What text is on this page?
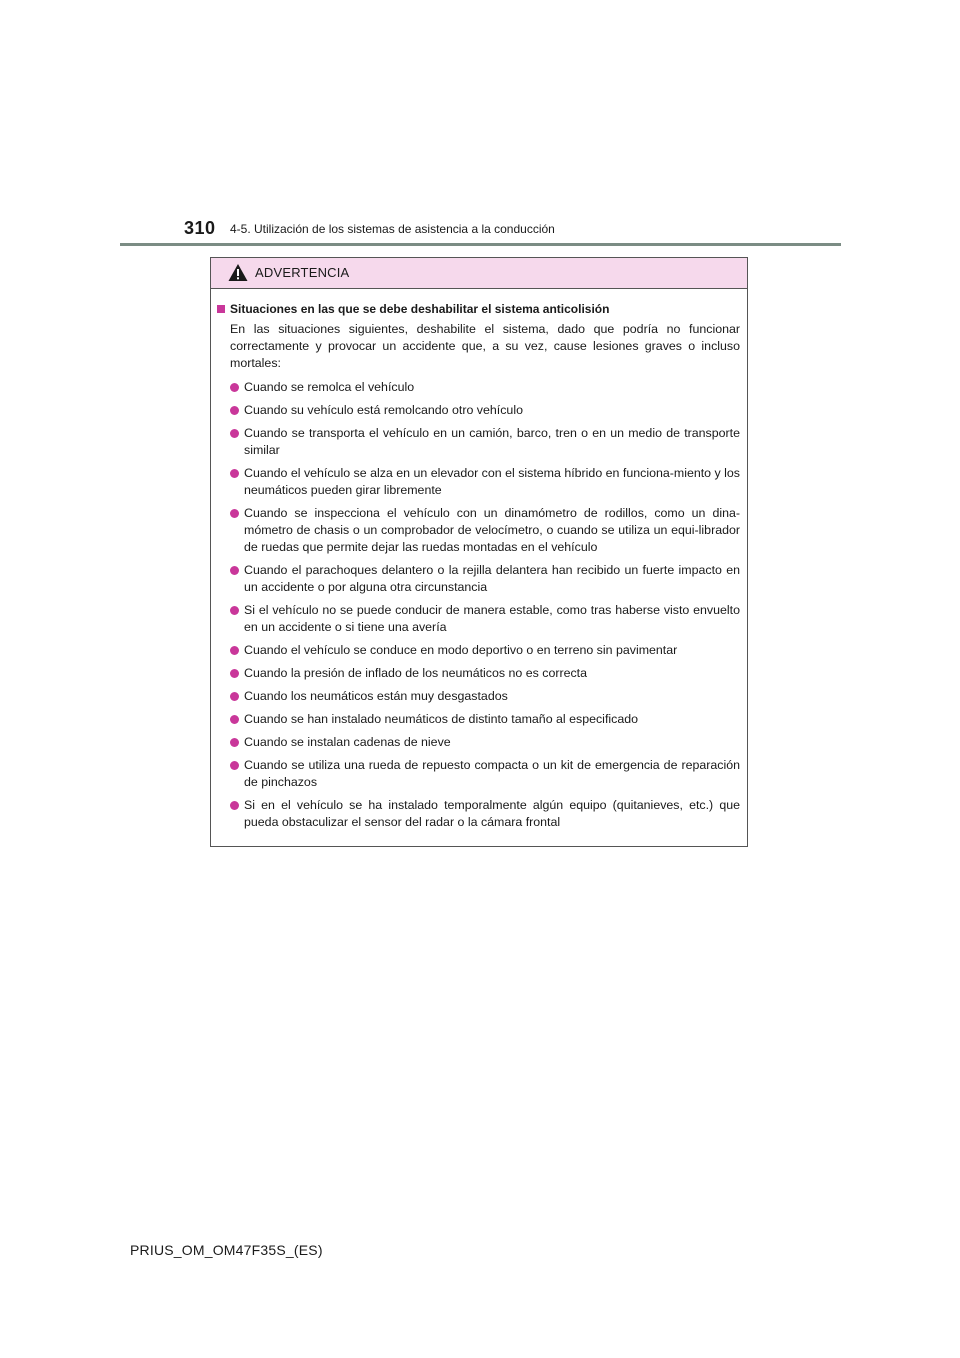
310 4-5. Utilización de los sistemas de asistencia a la conducción
ADVERTENCIA
Situaciones en las que se debe deshabilitar el sistema anticolisión

En las situaciones siguientes, deshabilite el sistema, dado que podría no funcionar correctamente y provocar un accidente que, a su vez, cause lesiones graves o incluso mortales:

Cuando se remolca el vehículo
Cuando su vehículo está remolcando otro vehículo
Cuando se transporta el vehículo en un camión, barco, tren o en un medio de transporte similar
Cuando el vehículo se alza en un elevador con el sistema híbrido en funciona-miento y los neumáticos pueden girar libremente
Cuando se inspecciona el vehículo con un dinamómetro de rodillos, como un dina-mómetro de chasis o un comprobador de velocímetro, o cuando se utiliza un equi-librador de ruedas que permite dejar las ruedas montadas en el vehículo
Cuando el parachoques delantero o la rejilla delantera han recibido un fuerte impacto en un accidente o por alguna otra circunstancia
Si el vehículo no se puede conducir de manera estable, como tras haberse visto envuelto en un accidente o si tiene una avería
Cuando el vehículo se conduce en modo deportivo o en terreno sin pavimentar
Cuando la presión de inflado de los neumáticos no es correcta
Cuando los neumáticos están muy desgastados
Cuando se han instalado neumáticos de distinto tamaño al especificado
Cuando se instalan cadenas de nieve
Cuando se utiliza una rueda de repuesto compacta o un kit de emergencia de reparación de pinchazos
Si en el vehículo se ha instalado temporalmente algún equipo (quitanieves, etc.) que pueda obstaculizar el sensor del radar o la cámara frontal
PRIUS_OM_OM47F35S_(ES)
